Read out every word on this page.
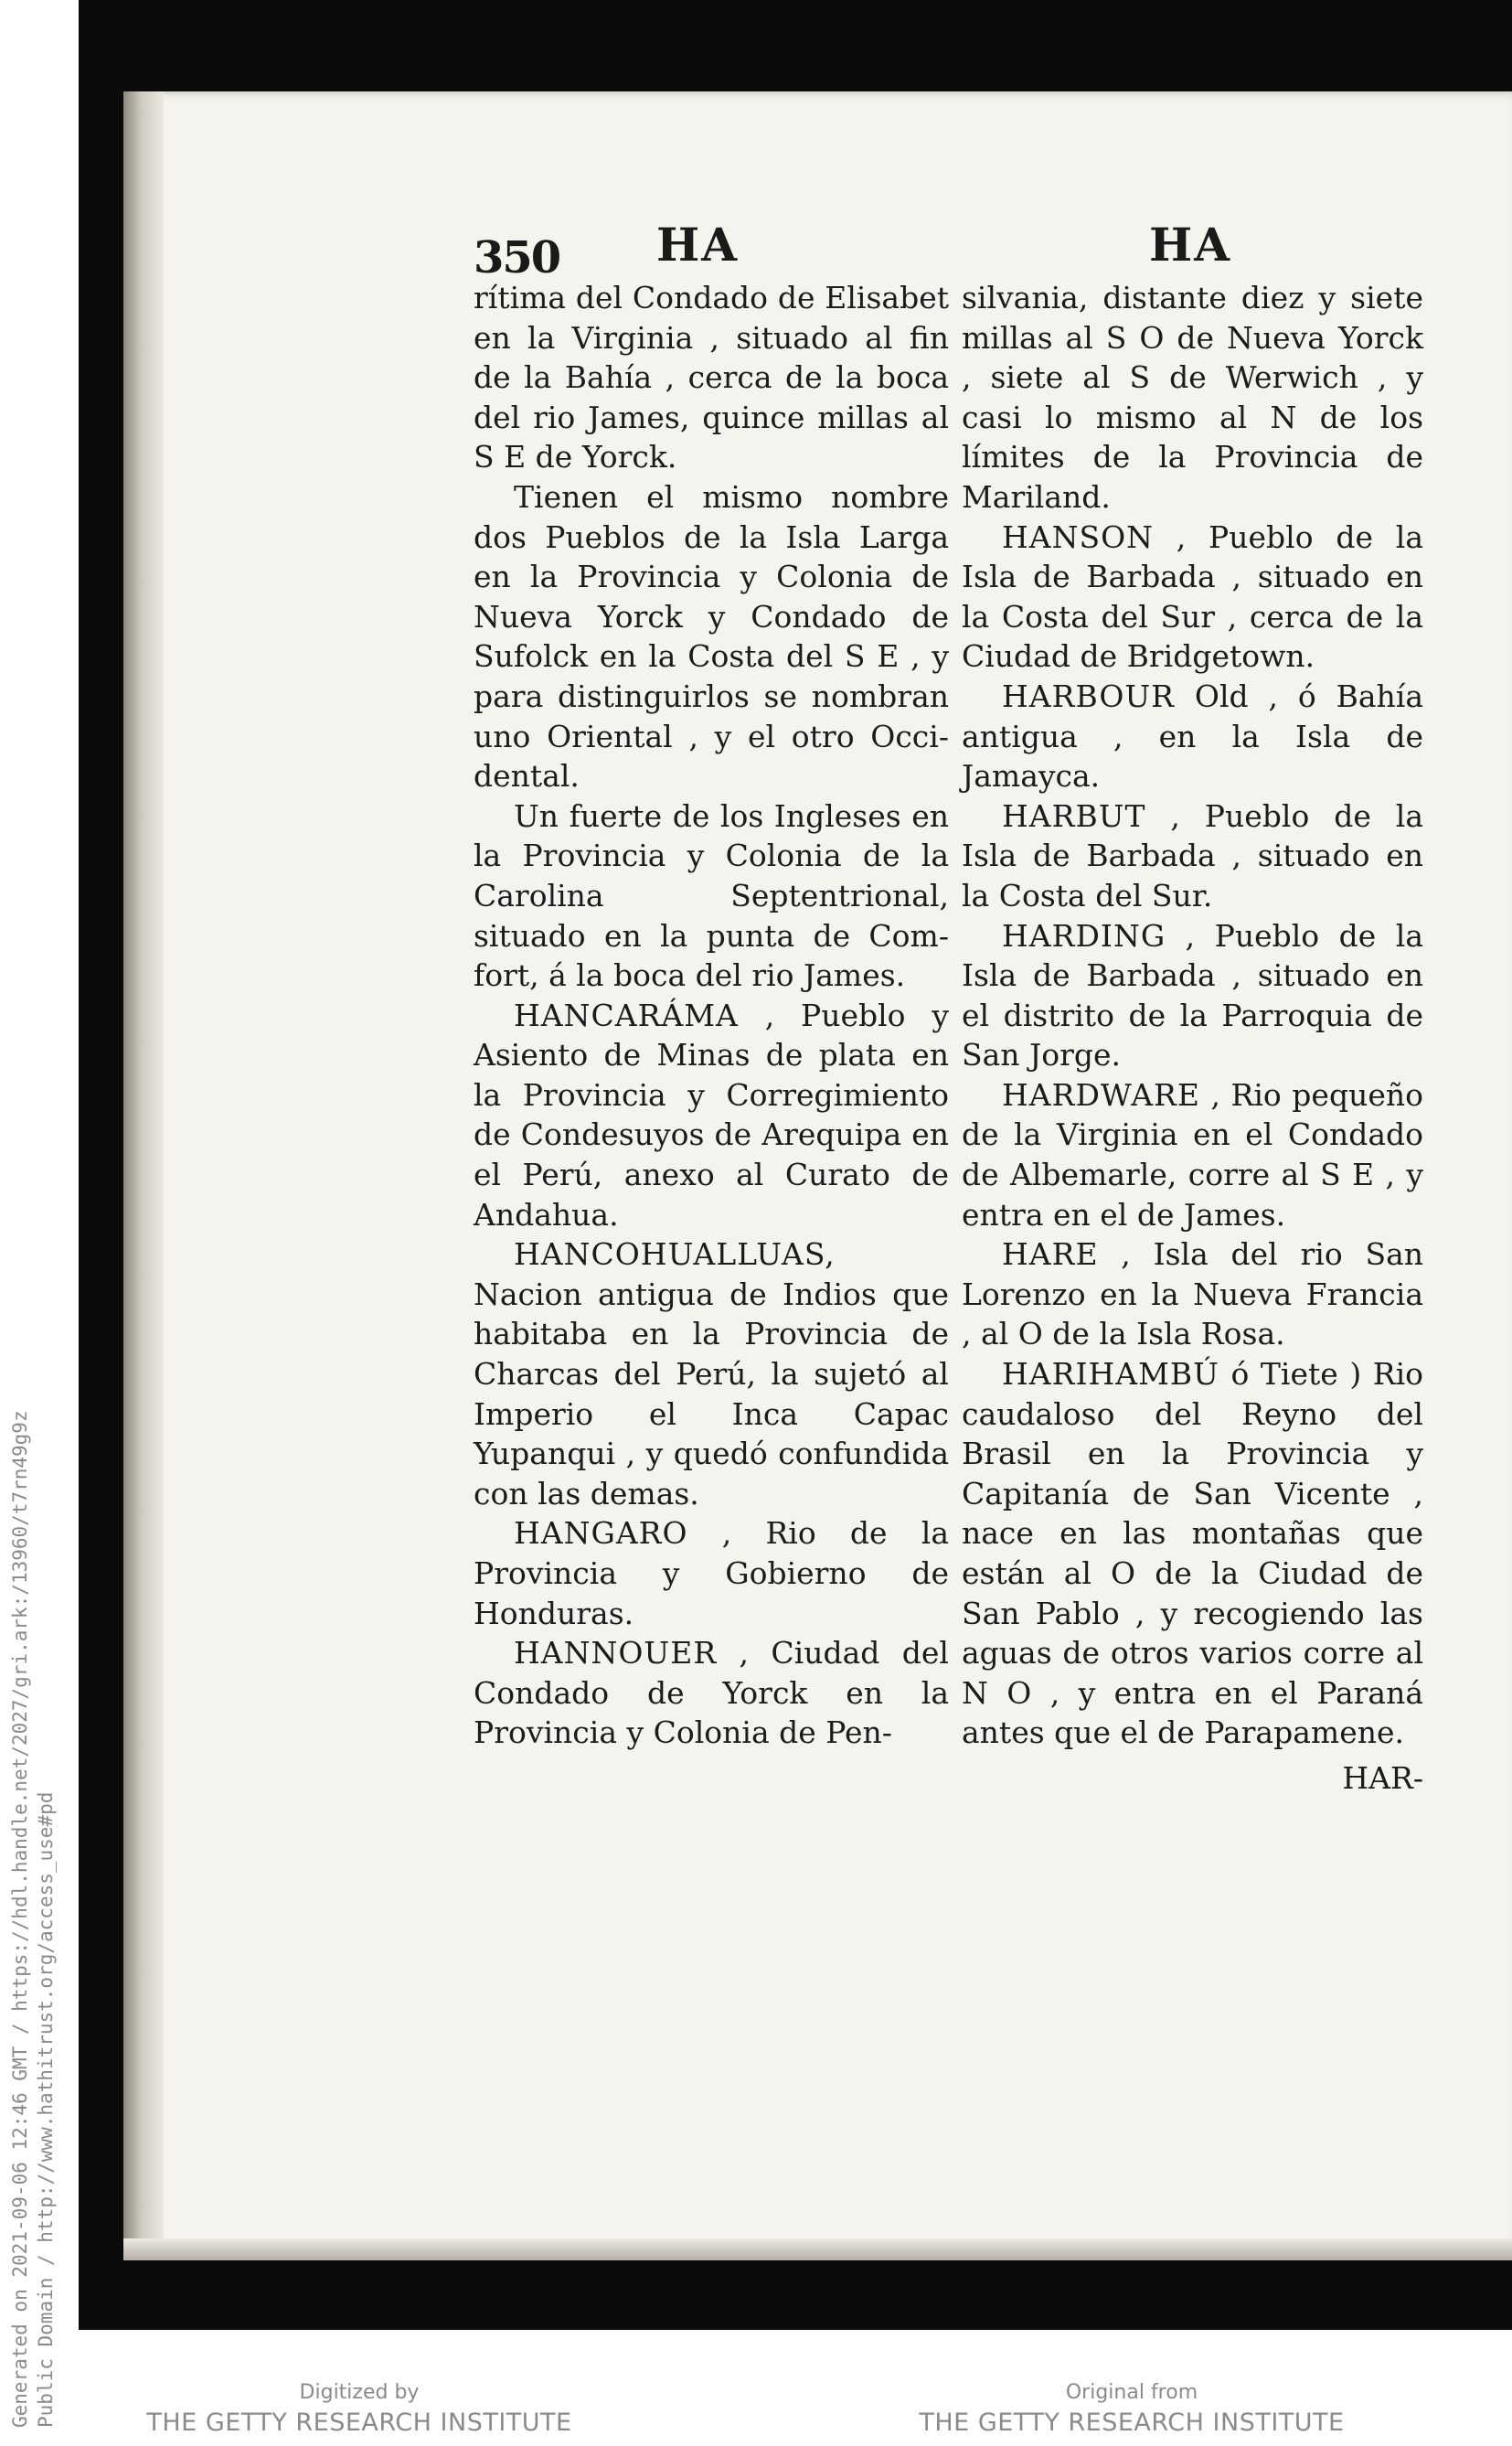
Generated on 2021-09-06 12:46 GMT / https://hdl.handle.net/2027/gri.ark:/13960/t7rn49g9z Public Domain / http://www.hathitrust.org/access_use#pd
350 HA

rítima del Condado de Elisabet en la Virginia , situado al fin de la Bahía , cerca de la boca del rio James, quince millas al S E de Yorck.

Tienen el mismo nombre dos Pueblos de la Isla Larga en la Provincia y Colonia de Nueva Yorck y Condado de Sufolck en la Costa del S E , y para distinguirlos se nombran uno Oriental , y el otro Occidental.

Un fuerte de los Ingleses en la Provincia y Colonia de la Carolina Septentrional, situado en la punta de Comfort, á la boca del rio James.

HANCARÁMA , Pueblo y Asiento de Minas de plata en la Provincia y Corregimiento de Condesuyos de Arequipa en el Perú, anexo al Curato de Andahua.

HANCOHUALLUAS, Nacion antigua de Indios que habitaba en la Provincia de Charcas del Perú, la sujetó al Imperio el Inca Capac Yupanqui , y quedó confundida con las demas.

HANGARO , Rio de la Provincia y Gobierno de Honduras.

HANNOUER , Ciudad del Condado de Yorck en la Provincia y Colonia de Pen-

HA

silvania, distante diez y siete millas al S O de Nueva Yorck , siete al S de Werwich , y casi lo mismo al N de los límites de la Provincia de Mariland.

HANSON , Pueblo de la Isla de Barbada , situado en la Costa del Sur , cerca de la Ciudad de Bridgetown.

HARBOUR Old , ó Bahía antigua , en la Isla de Jamayca.

HARBUT , Pueblo de la Isla de Barbada , situado en la Costa del Sur.

HARDING , Pueblo de la Isla de Barbada , situado en el distrito de la Parroquia de San Jorge.

HARDWARE , Rio pequeño de la Virginia en el Condado de Albemarle, corre al S E , y entra en el de James.

HARE , Isla del rio San Lorenzo en la Nueva Francia , al O de la Isla Rosa.

HARIHAMBÚ ó Tiete ) Rio caudaloso del Reyno del Brasil en la Provincia y Capitanía de San Vicente , nace en las montañas que están al O de la Ciudad de San Pablo , y recogiendo las aguas de otros varios corre al N O , y entra en el Paraná antes que el de Parapamene.

HAR-
Digitized by
THE GETTY RESEARCH INSTITUTE
Original from
THE GETTY RESEARCH INSTITUTE
